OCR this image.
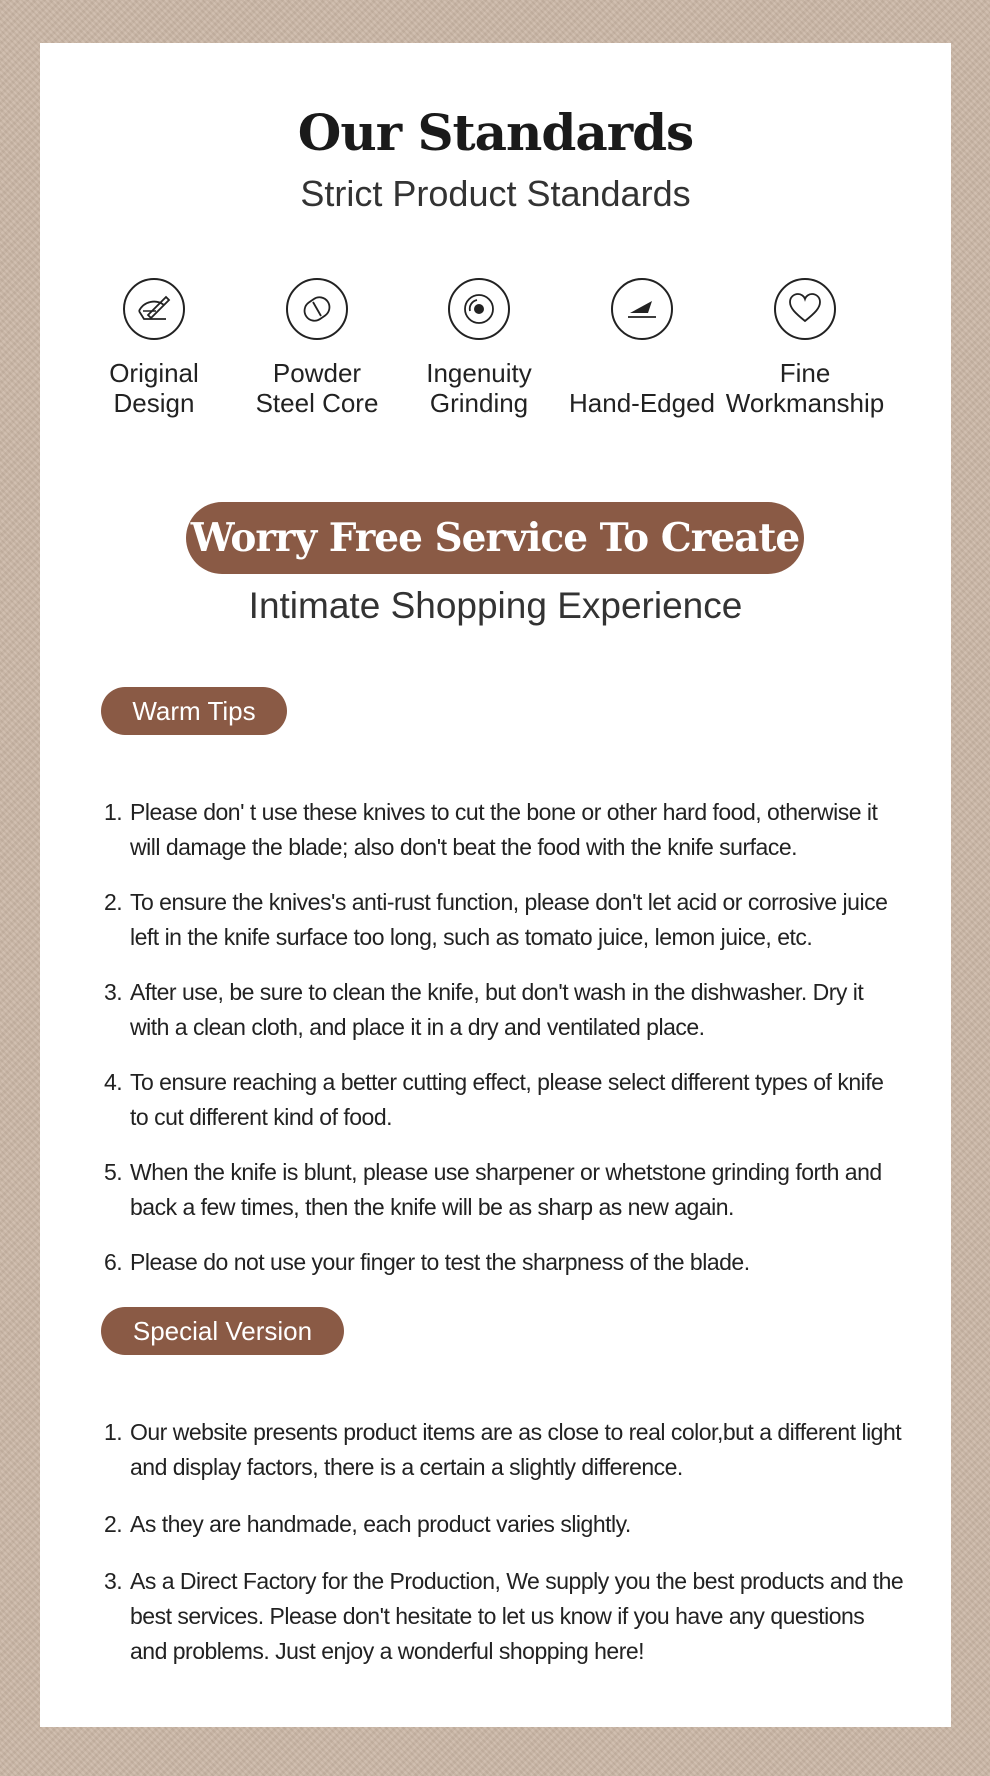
Our Standards
Strict Product Standards
Original
Design
Powder
Steel Core
Ingenuity
Grinding	Hand-Edged
Fine
Workmanship
Worry Free Service To Create
Intimate Shopping Experience
Warm Tips
1. Please don' t use these knives to cut the bone or other hard food, otherwise it will damage the blade; also don't beat the food with the knife surface.
2. To ensure the knives's anti-rust function, please don't let acid or corrosive juice left in the knife surface too long, such as tomato juice, lemon juice, etc.
3. After use, be sure to clean the knife, but don't wash in the dishwasher. Dry it with a clean cloth, and place it in a dry and ventilated place.
4. To ensure reaching a better cutting effect, please select different types of knife to cut different kind of food.
5. When the knife is blunt, please use sharpener or whetstone grinding forth and back a few times, then the knife will be as sharp as new again.
6. Please do not use your finger to test the sharpness of the blade.
Special Version
1. Our website presents product items are as close to real color,but a different light and display factors, there is a certain a slightly difference.
2. As they are handmade, each product varies slightly.
3. As a Direct Factory for the Production, We supply you the best products and the best services. Please don't hesitate to let us know if you have any questions and problems. Just enjoy a wonderful shopping here!
